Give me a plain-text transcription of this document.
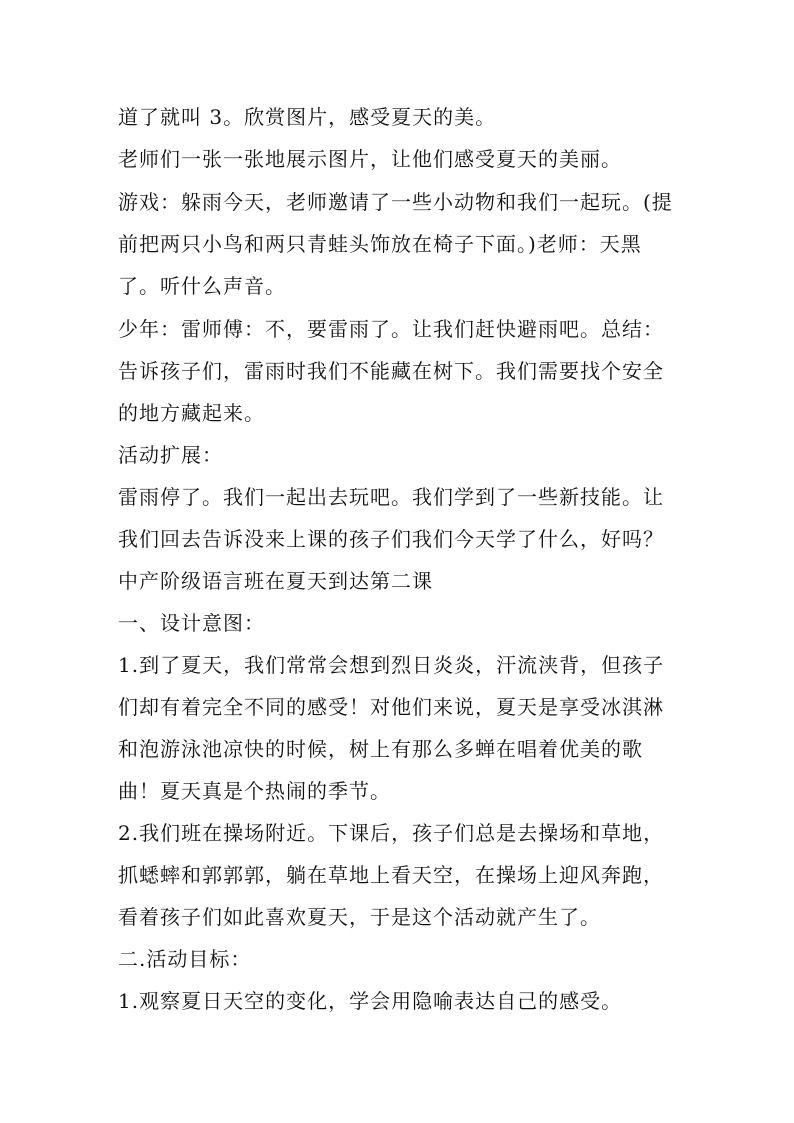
道了就叫 3。欣赏图片，感受夏天的美。
老师们一张一张地展示图片，让他们感受夏天的美丽。
游戏：躲雨今天，老师邀请了一些小动物和我们一起玩。(提
前把两只小鸟和两只青蛙头饰放在椅子下面。)老师：天黑
了。听什么声音。
少年：雷师傅：不，要雷雨了。让我们赶快避雨吧。总结：
告诉孩子们，雷雨时我们不能藏在树下。我们需要找个安全
的地方藏起来。
活动扩展：
雷雨停了。我们一起出去玩吧。我们学到了一些新技能。让
我们回去告诉没来上课的孩子们我们今天学了什么，好吗？
中产阶级语言班在夏天到达第二课
一、设计意图：
1.到了夏天，我们常常会想到烈日炎炎，汗流浃背，但孩子
们却有着完全不同的感受！对他们来说，夏天是享受冰淇淋
和泡游泳池凉快的时候，树上有那么多蝉在唱着优美的歌
曲！夏天真是个热闹的季节。
2.我们班在操场附近。下课后，孩子们总是去操场和草地，
抓蟋蟀和郭郭郭，躺在草地上看天空，在操场上迎风奔跑，
看着孩子们如此喜欢夏天，于是这个活动就产生了。
二.活动目标：
1.观察夏日天空的变化，学会用隐喻表达自己的感受。
